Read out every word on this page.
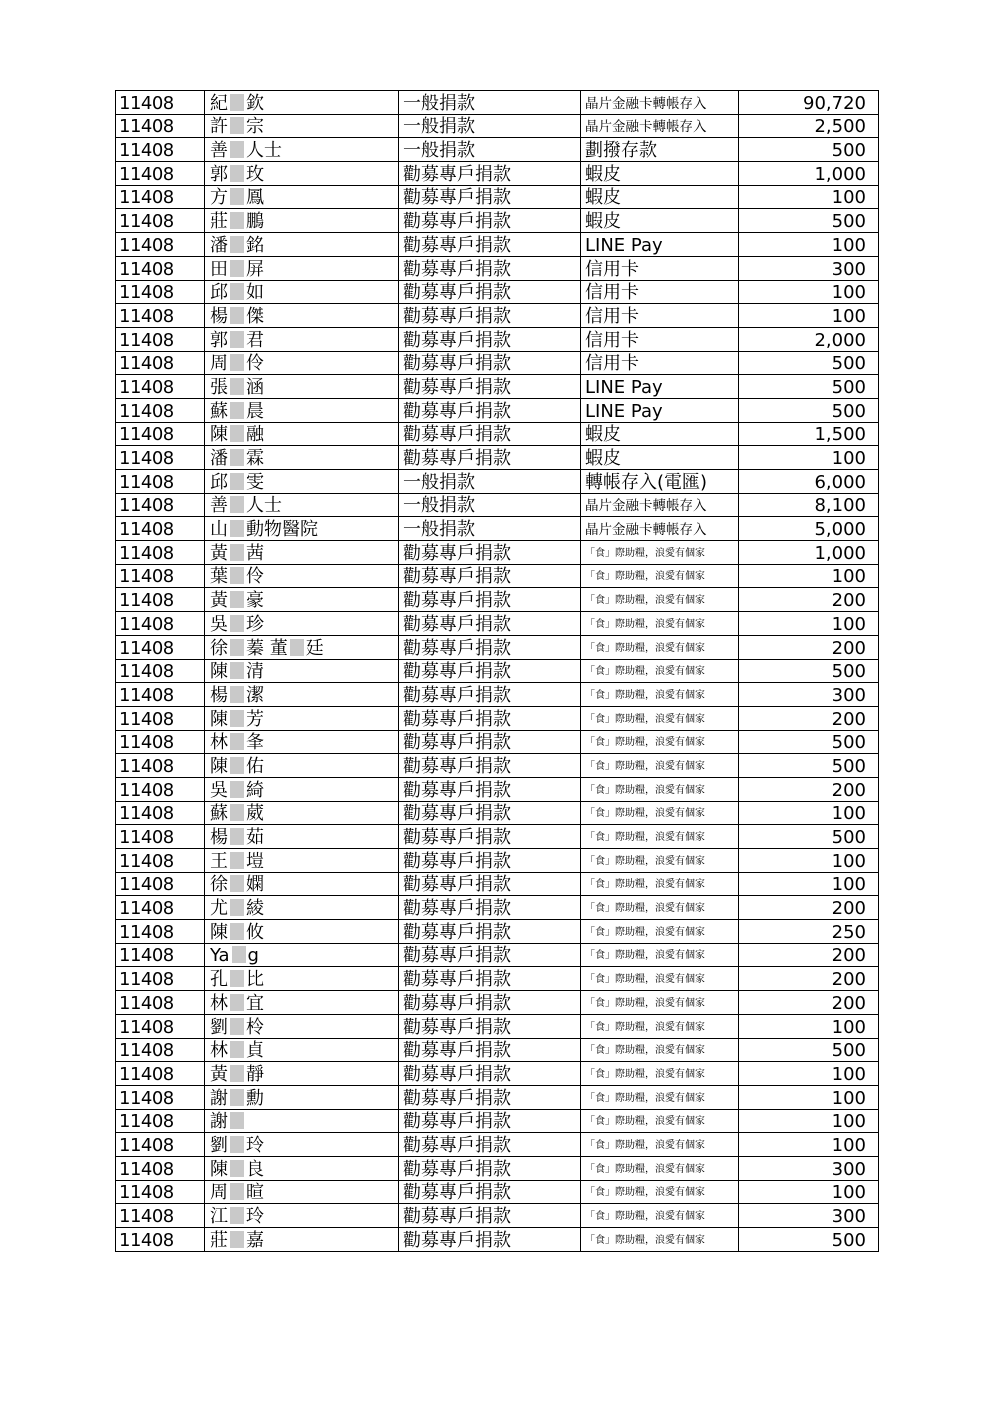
11408	紀 欽	一般捐款	晶片金融卡轉帳存入	90,720
11408	許 宗	一般捐款	晶片金融卡轉帳存入	2,500
11408	善 人士	一般捐款	劃撥存款	500
11408	郭 玫	勸募專戶捐款	蝦皮	1,000
11408	方 鳳	勸募專戶捐款	蝦皮	100
11408	莊 鵬	勸募專戶捐款	蝦皮	500
11408	潘 銘	勸募專戶捐款	LINE Pay	100
11408	田 屏	勸募專戶捐款	信用卡	300
11408	邱 如	勸募專戶捐款	信用卡	100
11408	楊 傑	勸募專戶捐款	信用卡	100
11408	郭 君	勸募專戶捐款	信用卡	2,000
11408	周 伶	勸募專戶捐款	信用卡	500
11408	張 涵	勸募專戶捐款	LINE Pay	500
11408	蘇 晨	勸募專戶捐款	LINE Pay	500
11408	陳 融	勸募專戶捐款	蝦皮	1,500
11408	潘 霖	勸募專戶捐款	蝦皮	100
11408	邱 雯	一般捐款	轉帳存入(電匯)	6,000
11408	善 人士	一般捐款	晶片金融卡轉帳存入	8,100
11408	山 動物醫院	一般捐款	晶片金融卡轉帳存入	5,000
11408	黃 茜	勸募專戶捐款	「食」際助糧，浪愛有個家	1,000
11408	葉 伶	勸募專戶捐款	「食」際助糧，浪愛有個家	100
11408	黃 豪	勸募專戶捐款	「食」際助糧，浪愛有個家	200
11408	吳 珍	勸募專戶捐款	「食」際助糧，浪愛有個家	100
11408	徐 蓁 董 廷	勸募專戶捐款	「食」際助糧，浪愛有個家	200
11408	陳 清	勸募專戶捐款	「食」際助糧，浪愛有個家	500
11408	楊 潔	勸募專戶捐款	「食」際助糧，浪愛有個家	300
11408	陳 芳	勸募專戶捐款	「食」際助糧，浪愛有個家	200
11408	林 夆	勸募專戶捐款	「食」際助糧，浪愛有個家	500
11408	陳 佑	勸募專戶捐款	「食」際助糧，浪愛有個家	500
11408	吳 綺	勸募專戶捐款	「食」際助糧，浪愛有個家	200
11408	蘇 葳	勸募專戶捐款	「食」際助糧，浪愛有個家	100
11408	楊 茹	勸募專戶捐款	「食」際助糧，浪愛有個家	500
11408	王 塏	勸募專戶捐款	「食」際助糧，浪愛有個家	100
11408	徐 嫻	勸募專戶捐款	「食」際助糧，浪愛有個家	100
11408	尤 綾	勸募專戶捐款	「食」際助糧，浪愛有個家	200
11408	陳 攸	勸募專戶捐款	「食」際助糧，浪愛有個家	250
11408	Ya g	勸募專戶捐款	「食」際助糧，浪愛有個家	200
11408	孔 比	勸募專戶捐款	「食」際助糧，浪愛有個家	200
11408	林 宜	勸募專戶捐款	「食」際助糧，浪愛有個家	200
11408	劉 柃	勸募專戶捐款	「食」際助糧，浪愛有個家	100
11408	林 貞	勸募專戶捐款	「食」際助糧，浪愛有個家	500
11408	黃 靜	勸募專戶捐款	「食」際助糧，浪愛有個家	100
11408	謝 勳	勸募專戶捐款	「食」際助糧，浪愛有個家	100
11408	謝	勸募專戶捐款	「食」際助糧，浪愛有個家	100
11408	劉 玲	勸募專戶捐款	「食」際助糧，浪愛有個家	100
11408	陳 良	勸募專戶捐款	「食」際助糧，浪愛有個家	300
11408	周 暄	勸募專戶捐款	「食」際助糧，浪愛有個家	100
11408	江 玲	勸募專戶捐款	「食」際助糧，浪愛有個家	300
11408	莊 嘉	勸募專戶捐款	「食」際助糧，浪愛有個家	500
